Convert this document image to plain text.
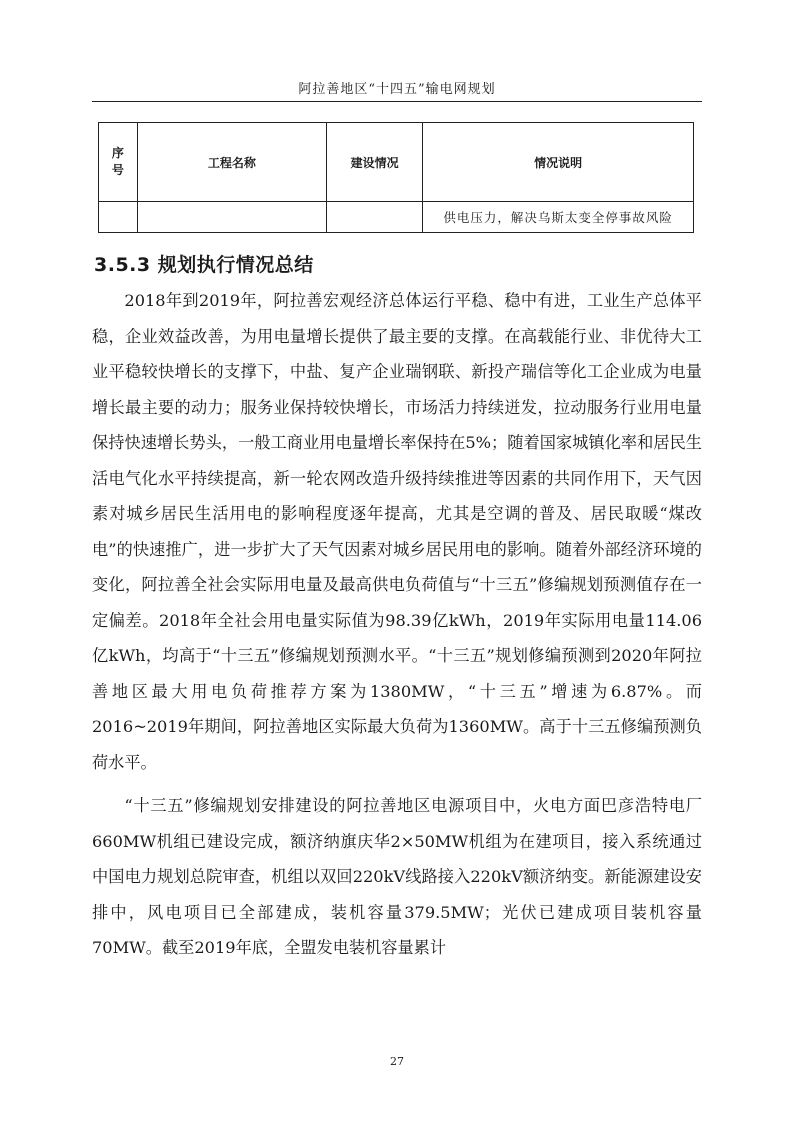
阿拉善地区“十四五”输电网规划
序号	工程名称	建设情况	情况说明
			供电压力，解决乌斯太变全停事故风险
3.5.3 规划执行情况总结

2018年到2019年，阿拉善宏观经济总体运行平稳、稳中有进，工业生产总体平稳，企业效益改善，为用电量增长提供了最主要的支撑。在高载能行业、非优待大工业平稳较快增长的支撑下，中盐、复产企业瑞钢联、新投产瑞信等化工企业成为电量增长最主要的动力；服务业保持较快增长，市场活力持续迸发，拉动服务行业用电量保持快速增长势头，一般工商业用电量增长率保持在5%；随着国家城镇化率和居民生活电气化水平持续提高，新一轮农网改造升级持续推进等因素的共同作用下，天气因素对城乡居民生活用电的影响程度逐年提高，尤其是空调的普及、居民取暖“煤改电”的快速推广，进一步扩大了天气因素对城乡居民用电的影响。随着外部经济环境的变化，阿拉善全社会实际用电量及最高供电负荷值与“十三五”修编规划预测值存在一定偏差。2018年全社会用电量实际值为98.39亿kWh，2019年实际用电量114.06亿kWh，均高于“十三五”修编规划预测水平。“十三五”规划修编预测到2020年阿拉善地区最大用电负荷推荐方案为1380MW，“十三五”增速为6.87%。而2016~2019年期间，阿拉善地区实际最大负荷为1360MW。高于十三五修编预测负荷水平。

“十三五”修编规划安排建设的阿拉善地区电源项目中，火电方面巴彦浩特电厂660MW机组已建设完成，额济纳旗庆华2×50MW机组为在建项目，接入系统通过中国电力规划总院审查，机组以双回220kV线路接入220kV额济纳变。新能源建设安排中，风电项目已全部建成，装机容量379.5MW；光伏已建成项目装机容量70MW。截至2019年底，全盟发电装机容量累计

27
